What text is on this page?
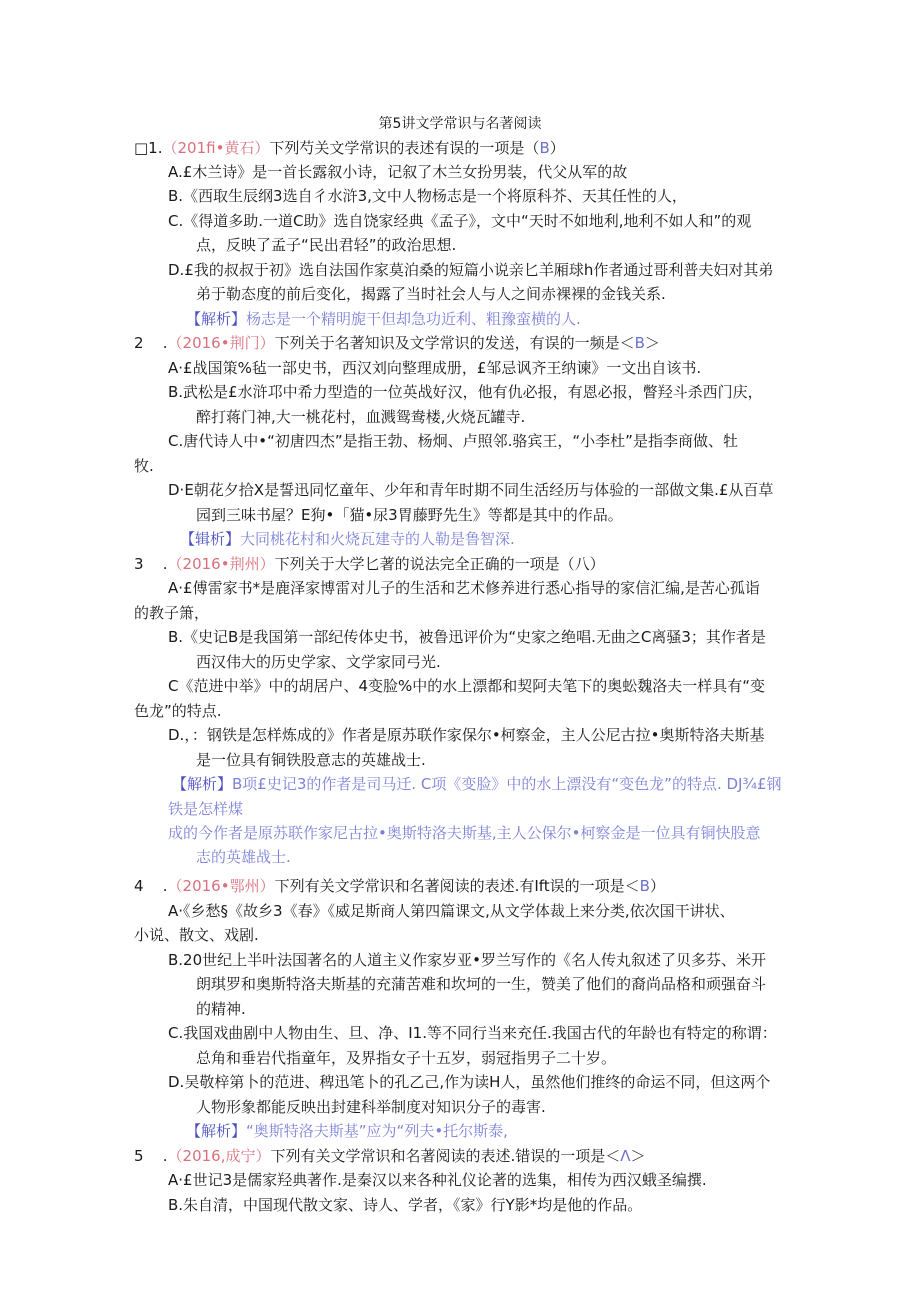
第5讲文学常识与名著阅读
□1.（201fi•黄石）下列芍关文学常识的表述有误的一项是（B）
A.£木兰诗》是一首长露叙小诗，记叙了木兰女扮男装，代父从军的故
B.《西取生辰纲3选自彳水浒3,文中人物杨志是一个将原科芥、天其任性的人，
C.《得道多助.一道C助》选自饶家经典《孟子》，文中“天时不如地利,地利不如人和”的观
点，反映了孟子“民出君轻”的政治思想.
D.£我的叔叔于初》选自法国作家莫泊桑的短篇小说亲匕羊厢球h作者通过哥利普夫妇对其弟
弟于勒态度的前后变化，揭露了当时社会人与人之间赤裸裸的金钱关系.
【解析】杨志是一个精明旎干但却急功近利、粗豫蛮横的人.
2 .（2016•荆门）下列关于名著知识及文学常识的发送，有误的一频是＜B＞
A·£战国策%毡一部史书，西汉刘向整理成册，£邹忌讽齐王纳谏》一文出自该书.
B.武松是£水浒邛中希力型造的一位英战好汉，他有仇必报，有恩必报，瞥羟斗杀西门庆，
醉打蒋门神,大一桃花村，血溅鸳鸯楼,火烧瓦罐寺.
C.唐代诗人中•“初唐四杰”是指王勃、杨炯、卢照邻.骆宾王，“小李杜”是指李商做、牡
牧.
D·E朝花夕拾X是誓迅同忆童年、少年和青年时期不同生活经历与体验的一部做文集.£从百草
园到三味书屋？E狗•「猫•尿3胃藤野先生》等都是其中的作品。
【辑析】大同桃花村和火烧瓦建寺的人勒是鲁智深.
3 .（2016•荆州）下列关于大学匕著的说法完全正确的一项是（八）
A·£傅雷家书*是鹿泽家博雷对儿子的生活和艺术修养进行悉心指导的家信汇编,是苦心孤诣
的教子箫，
B.《史记B是我国第一部纪传体史书，被鲁迅评价为“史家之绝唱.无曲之C离骚3；其作者是
西汉伟大的历史学家、文学家同弓光.
C《范进中举》中的胡居户、4变脸%中的水上漂都和契阿夫笔下的奥蚣魏洛夫一样具有“变
色龙”的特点.
D.，：钢铁是怎样炼成的》作者是原苏联作家保尔•柯察金，主人公尼古拉•奥斯特洛夫斯基
是一位具有铜铁股意志的英雄战士.
【解析】B项£史记3的作者是司马迁. C项《变脸》中的水上漂没有“变色龙”的特点. DJ¾£钢
铁是怎样煤
成的今作者是原苏联作家尼古拉•奥斯特洛夫斯基,主人公保尔•柯察金是一位具有铜快股意
志的英雄战士.
4 .（2016•鄂州）下列有关文学常识和名著阅读的表述.有Ift误的一项是＜B）
A·《乡愁§《故乡3《春》《威足斯商人第四篇课文,从文学体裁上来分类,依次国干讲状、
小说、散文、戏剧.
B.20世纪上半叶法国著名的人道主义作家岁亚•罗兰写作的《名人传丸叙述了贝多芬、米开
朗琪罗和奥斯特洛夫斯基的充蒲苦难和坎坷的一生，赞美了他们的裔尚品格和顽强奋斗
的精神.
C.我国戏曲剧中人物由生、旦、净、I1.等不同行当来充任.我国古代的年龄也有特定的称谓：
总角和垂岩代指童年，及界指女子十五岁，弱冠指男子二十岁。
D.吴敬梓第卜的范进、稗迅笔卜的孔乙己,作为读H人，虽然他们推终的命运不同，但这两个
人物形象都能反映出封建科举制度对知识分子的毒害.
【解析】“奥斯特洛夫斯基”应为“列夫•托尔斯泰,
5 .（2016,成宁）下列有关文学常识和名著阅读的表述.错误的一项是＜Λ＞
A·£世记3是儒家羟典著作.是秦汉以来各种礼仪论著的选集，相传为西汉蛾圣编撰.
B.朱自清，中国现代散文家、诗人、学者，《家》行Y影*均是他的作品。
